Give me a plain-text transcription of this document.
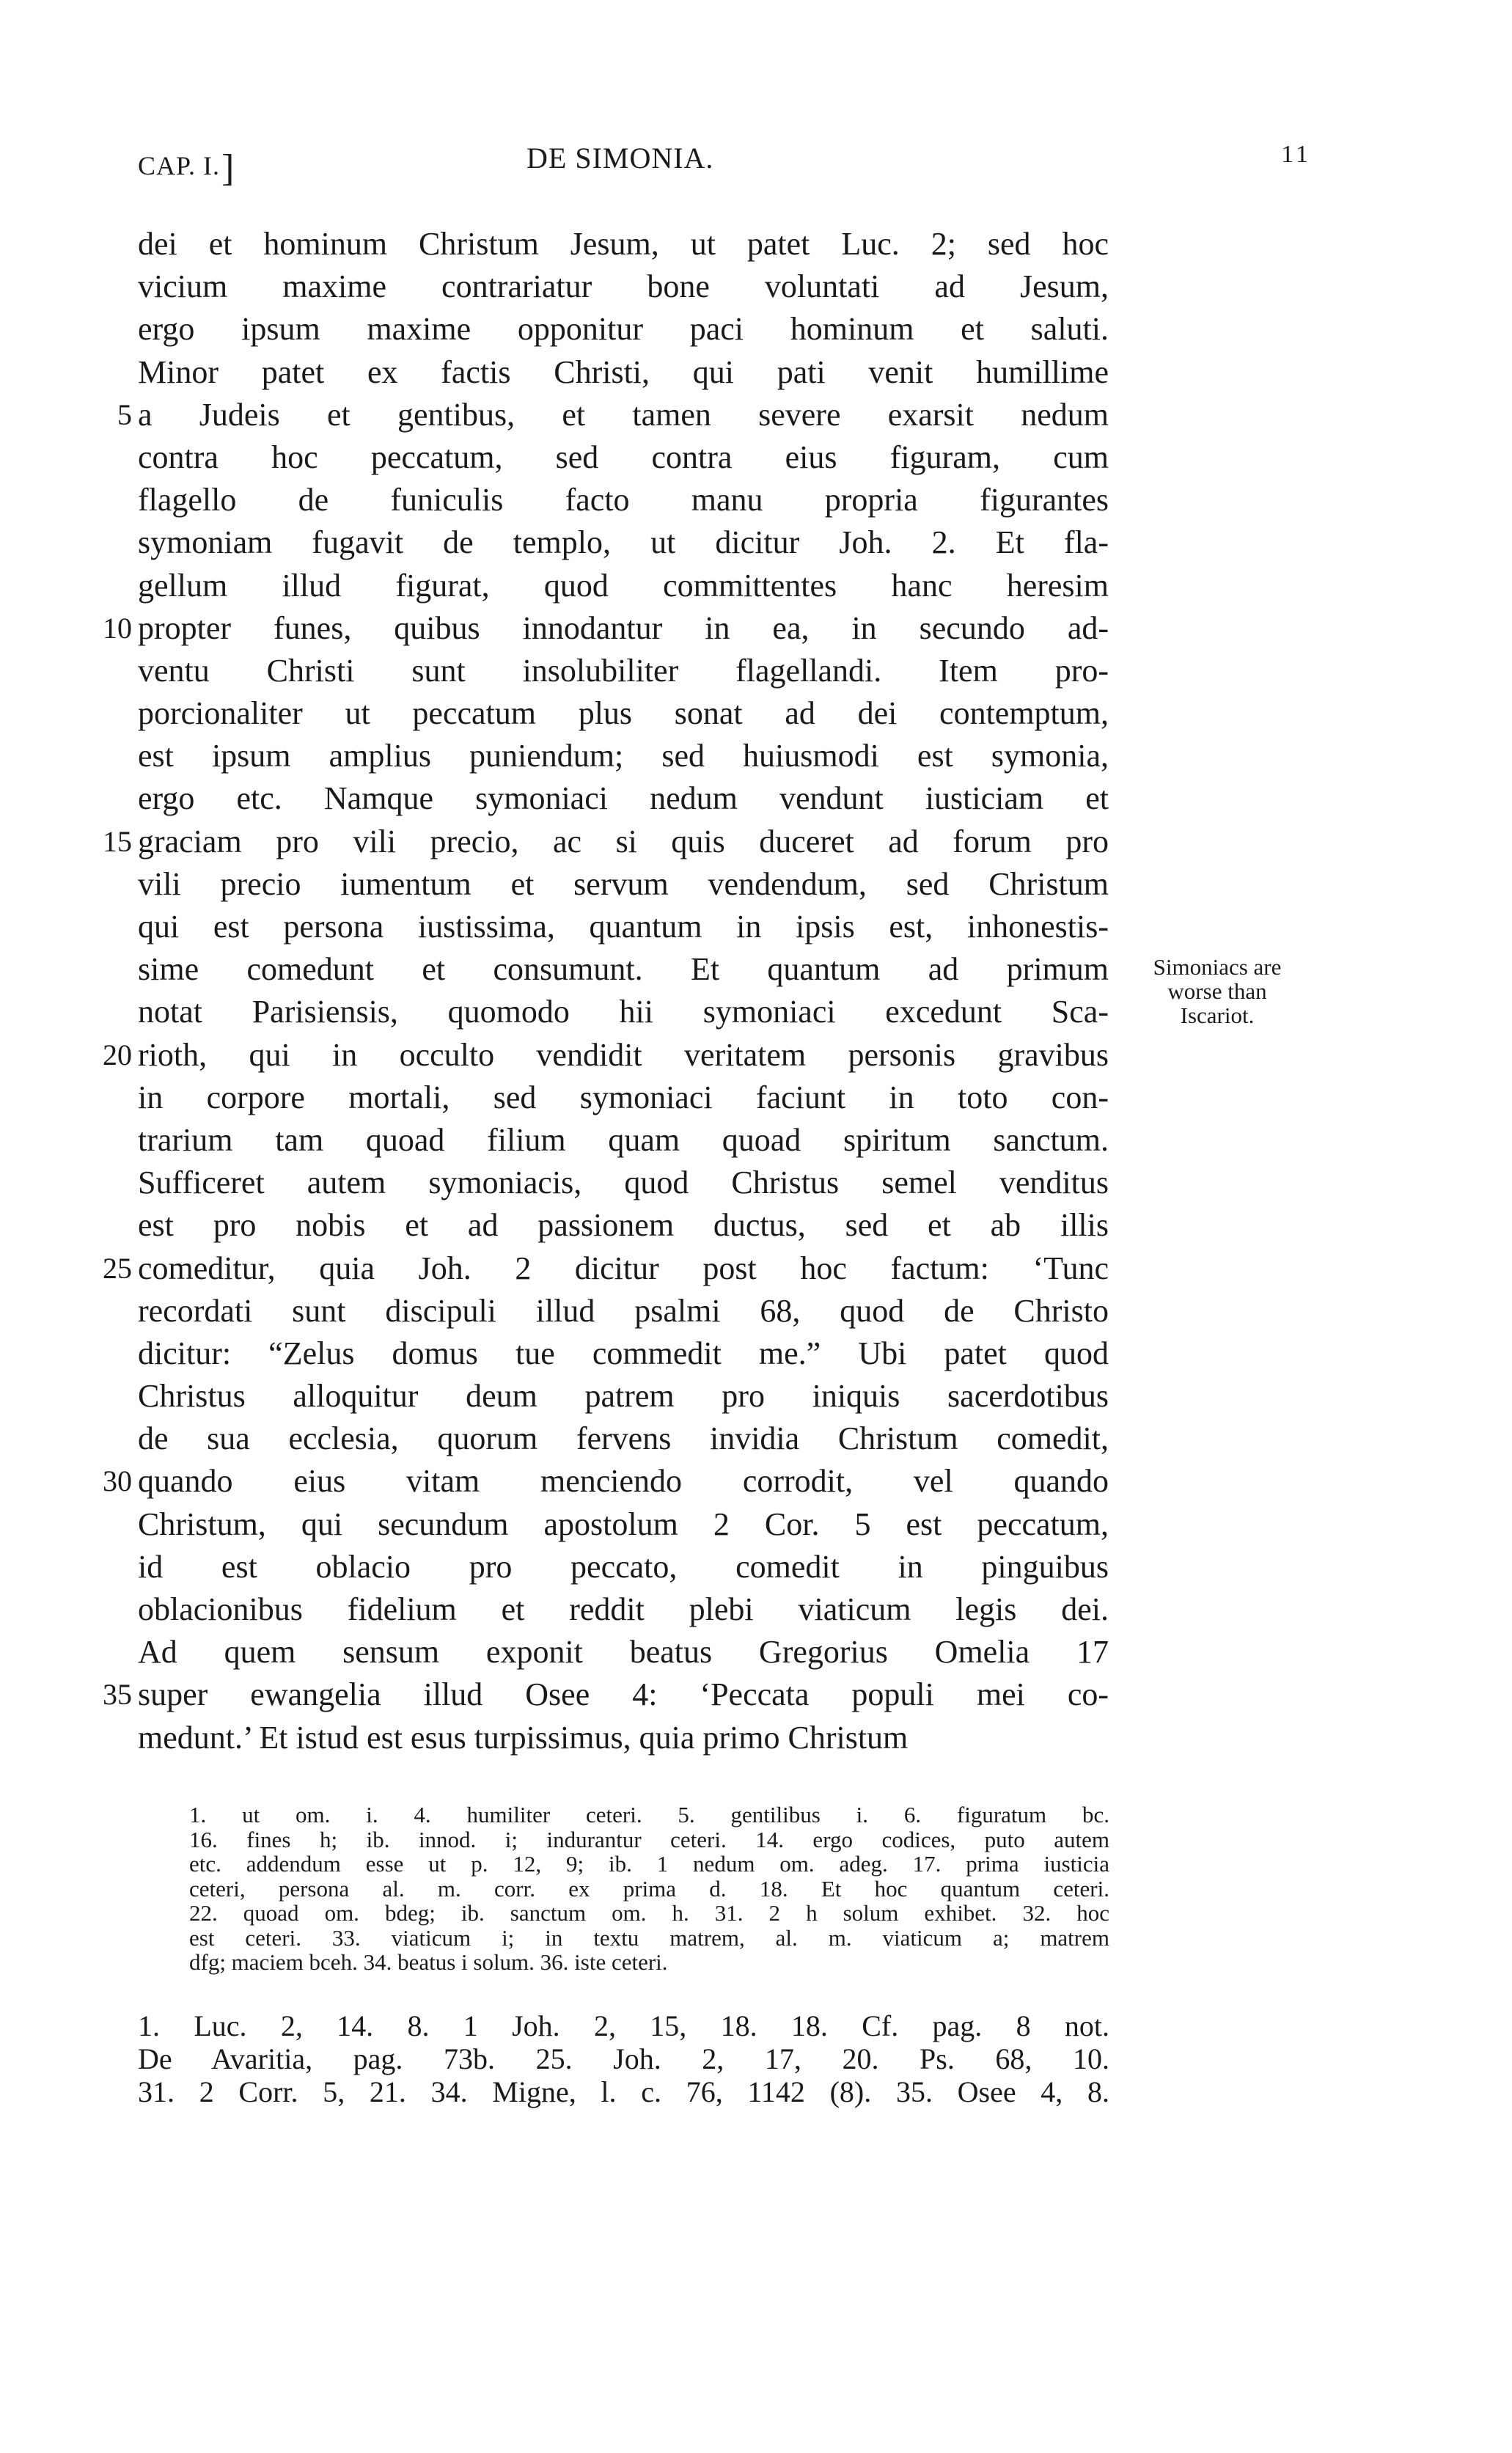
CAP. I.]	DE SIMONIA.	11
dei et hominum Christum Jesum, ut patet Luc. 2; sed hoc
vicium maxime contrariatur bone voluntati ad Jesum,
ergo ipsum maxime opponitur paci hominum et saluti.
Minor patet ex factis Christi, qui pati venit humillime
5 a Judeis et gentibus, et tamen severe exarsit nedum
contra hoc peccatum, sed contra eius figuram, cum
flagello de funiculis facto manu propria figurantes
symoniam fugavit de templo, ut dicitur Joh. 2. Et fla-
gellum illud figurat, quod committentes hanc heresim
10 propter funes, quibus innodantur in ea, in secundo ad-
ventu Christi sunt insolubiliter flagellandi. Item pro-
porcionaliter ut peccatum plus sonat ad dei contemptum,
est ipsum amplius puniendum; sed huiusmodi est symonia,
ergo etc. Namque symoniaci nedum vendunt iusticiam et
15 graciam pro vili precio, ac si quis duceret ad forum pro
vili precio iumentum et servum vendendum, sed Christum
qui est persona iustissima, quantum in ipsis est, inhonestis-
sime comedunt et consumunt. Et quantum ad primum
notat Parisiensis, quomodo hii symoniaci excedunt Sca-
20 rioth, qui in occulto vendidit veritatem personis gravibus
in corpore mortali, sed symoniaci faciunt in toto con-
trarium tam quoad filium quam quoad spiritum sanctum.
Sufficeret autem symoniacis, quod Christus semel venditus
est pro nobis et ad passionem ductus, sed et ab illis
25 comeditur, quia Joh. 2 dicitur post hoc factum: ‘Tunc
recordati sunt discipuli illud psalmi 68, quod de Christo
dicitur: “Zelus domus tue commedit me.” Ubi patet quod
Christus alloquitur deum patrem pro iniquis sacerdotibus
de sua ecclesia, quorum fervens invidia Christum comedit,
30 quando eius vitam menciendo corrodit, vel quando
Christum, qui secundum apostolum 2 Cor. 5 est peccatum,
id est oblacio pro peccato, comedit in pinguibus
oblacionibus fidelium et reddit plebi viaticum legis dei.
Ad quem sensum exponit beatus Gregorius Omelia 17
35 super ewangelia illud Osee 4: ‘Peccata populi mei co-
medunt.’ Et istud est esus turpissimus, quia primo Christum
Simoniacs are
worse than
Iscariot.
1. ut om. i. 4. humiliter ceteri. 5. gentilibus i. 6. figuratum bc.
16. fines h; ib. innod. i; indurantur ceteri. 14. ergo codices, puto autem
etc. addendum esse ut p. 12, 9; ib. 1 nedum om. adeg. 17. prima iusticia
ceteri, persona al. m. corr. ex prima d. 18. Et hoc quantum ceteri.
22. quoad om. bdeg; ib. sanctum om. h. 31. 2 h solum exhibet. 32. hoc
est ceteri. 33. viaticum i; in textu matrem, al. m. viaticum a; matrem
dfg; maciem bceh. 34. beatus i solum. 36. iste ceteri.
1. Luc. 2, 14. 8. 1 Joh. 2, 15, 18. 18. Cf. pag. 8 not.
De Avaritia, pag. 73b. 25. Joh. 2, 17, 20. Ps. 68, 10.
31. 2 Corr. 5, 21. 34. Migne, l. c. 76, 1142 (8). 35. Osee 4, 8.
